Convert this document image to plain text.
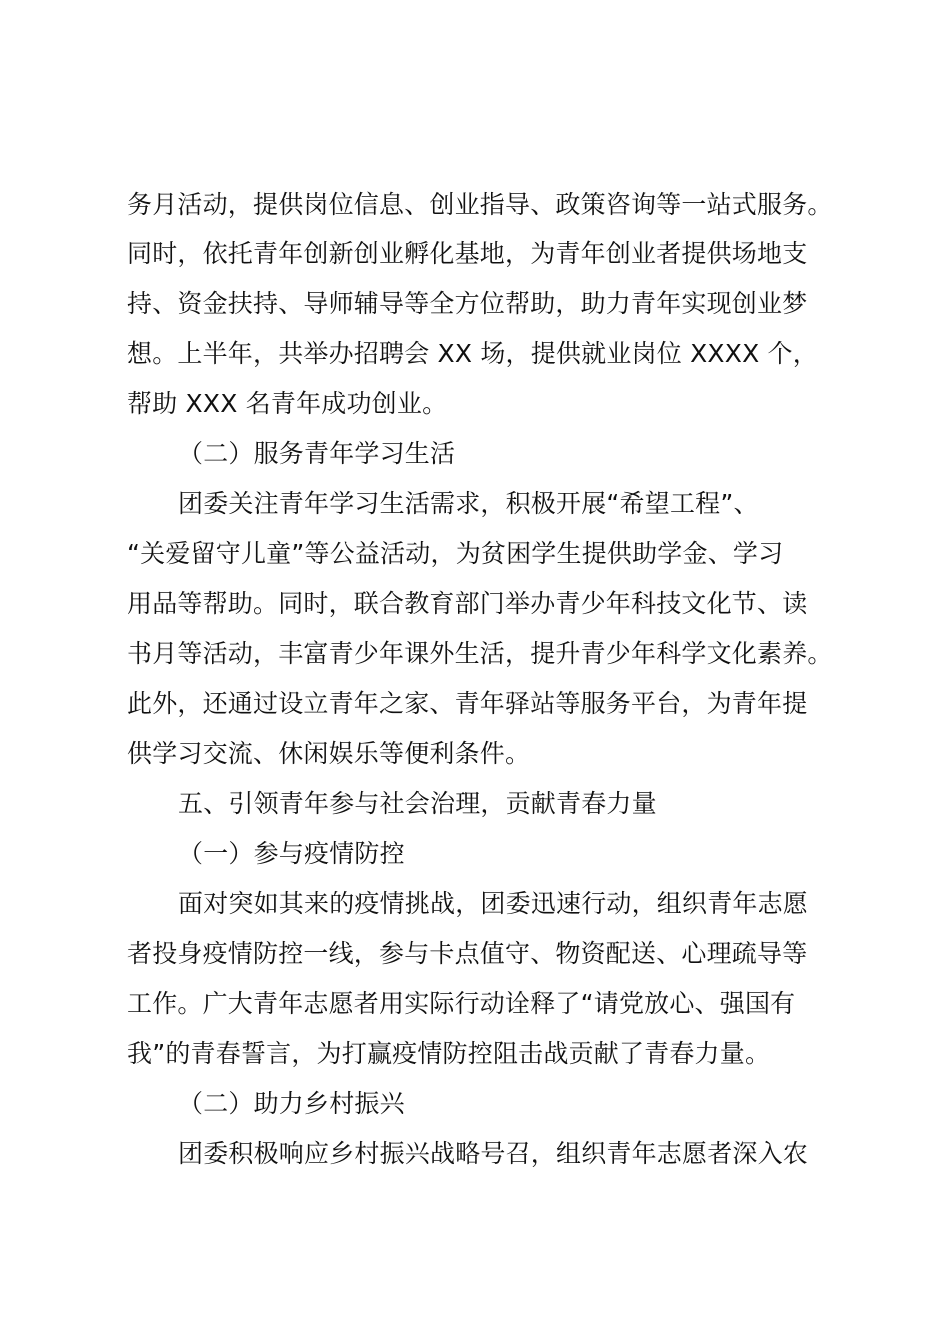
务月活动，提供岗位信息、创业指导、政策咨询等一站式服务。
同时，依托青年创新创业孵化基地，为青年创业者提供场地支
持、资金扶持、导师辅导等全方位帮助，助力青年实现创业梦
想。上半年，共举办招聘会 XX 场，提供就业岗位 XXXX 个，
帮助 XXX 名青年成功创业。
（二）服务青年学习生活
团委关注青年学习生活需求，积极开展“希望工程”、
“关爱留守儿童”等公益活动，为贫困学生提供助学金、学习
用品等帮助。同时，联合教育部门举办青少年科技文化节、读
书月等活动，丰富青少年课外生活，提升青少年科学文化素养。
此外，还通过设立青年之家、青年驿站等服务平台，为青年提
供学习交流、休闲娱乐等便利条件。
五、引领青年参与社会治理，贡献青春力量
（一）参与疫情防控
面对突如其来的疫情挑战，团委迅速行动，组织青年志愿
者投身疫情防控一线，参与卡点值守、物资配送、心理疏导等
工作。广大青年志愿者用实际行动诠释了“请党放心、强国有
我”的青春誓言，为打赢疫情防控阻击战贡献了青春力量。
（二）助力乡村振兴
团委积极响应乡村振兴战略号召，组织青年志愿者深入农
